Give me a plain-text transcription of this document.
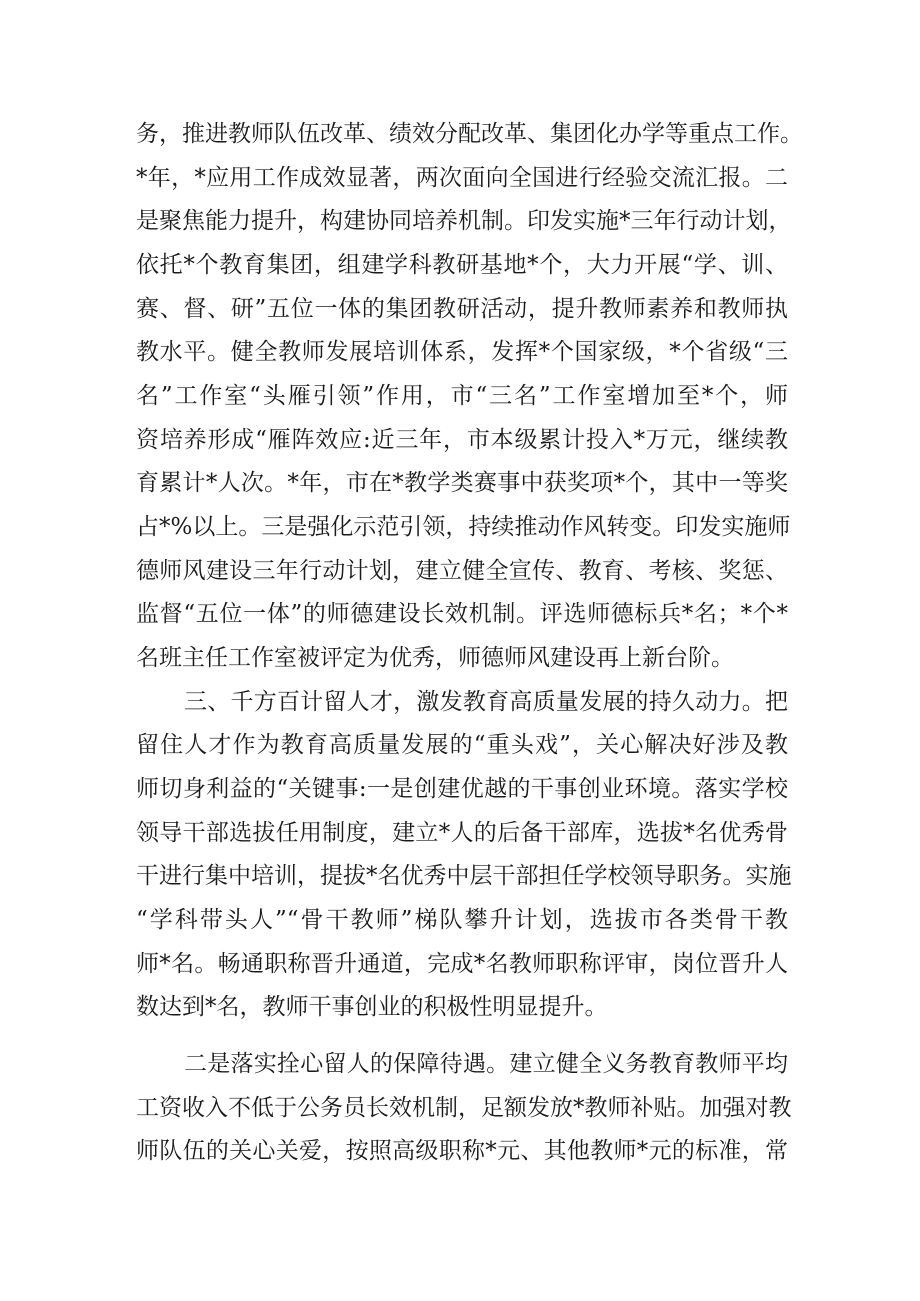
务，推进教师队伍改革、绩效分配改革、集团化办学等重点工作。
*年，*应用工作成效显著，两次面向全国进行经验交流汇报。二
是聚焦能力提升，构建协同培养机制。印发实施*三年行动计划，
依托*个教育集团，组建学科教研基地*个，大力开展“学、训、
赛、督、研”五位一体的集团教研活动，提升教师素养和教师执
教水平。健全教师发展培训体系，发挥*个国家级，*个省级“三
名”工作室“头雁引领”作用，市“三名”工作室增加至*个，师
资培养形成“雁阵效应:近三年，市本级累计投入*万元，继续教
育累计*人次。*年，市在*教学类赛事中获奖项*个，其中一等奖
占*%以上。三是强化示范引领，持续推动作风转变。印发实施师
德师风建设三年行动计划，建立健全宣传、教育、考核、奖惩、
监督“五位一体”的师德建设长效机制。评选师德标兵*名；*个*
名班主任工作室被评定为优秀，师德师风建设再上新台阶。
三、千方百计留人才，激发教育高质量发展的持久动力。把
留住人才作为教育高质量发展的“重头戏”，关心解决好涉及教
师切身利益的“关键事:一是创建优越的干事创业环境。落实学校
领导干部选拔任用制度，建立*人的后备干部库，选拔*名优秀骨
干进行集中培训，提拔*名优秀中层干部担任学校领导职务。实施
“学科带头人”“骨干教师”梯队攀升计划，选拔市各类骨干教
师*名。畅通职称晋升通道，完成*名教师职称评审，岗位晋升人
数达到*名，教师干事创业的积极性明显提升。
二是落实拴心留人的保障待遇。建立健全义务教育教师平均
工资收入不低于公务员长效机制，足额发放*教师补贴。加强对教
师队伍的关心关爱，按照高级职称*元、其他教师*元的标准，常
